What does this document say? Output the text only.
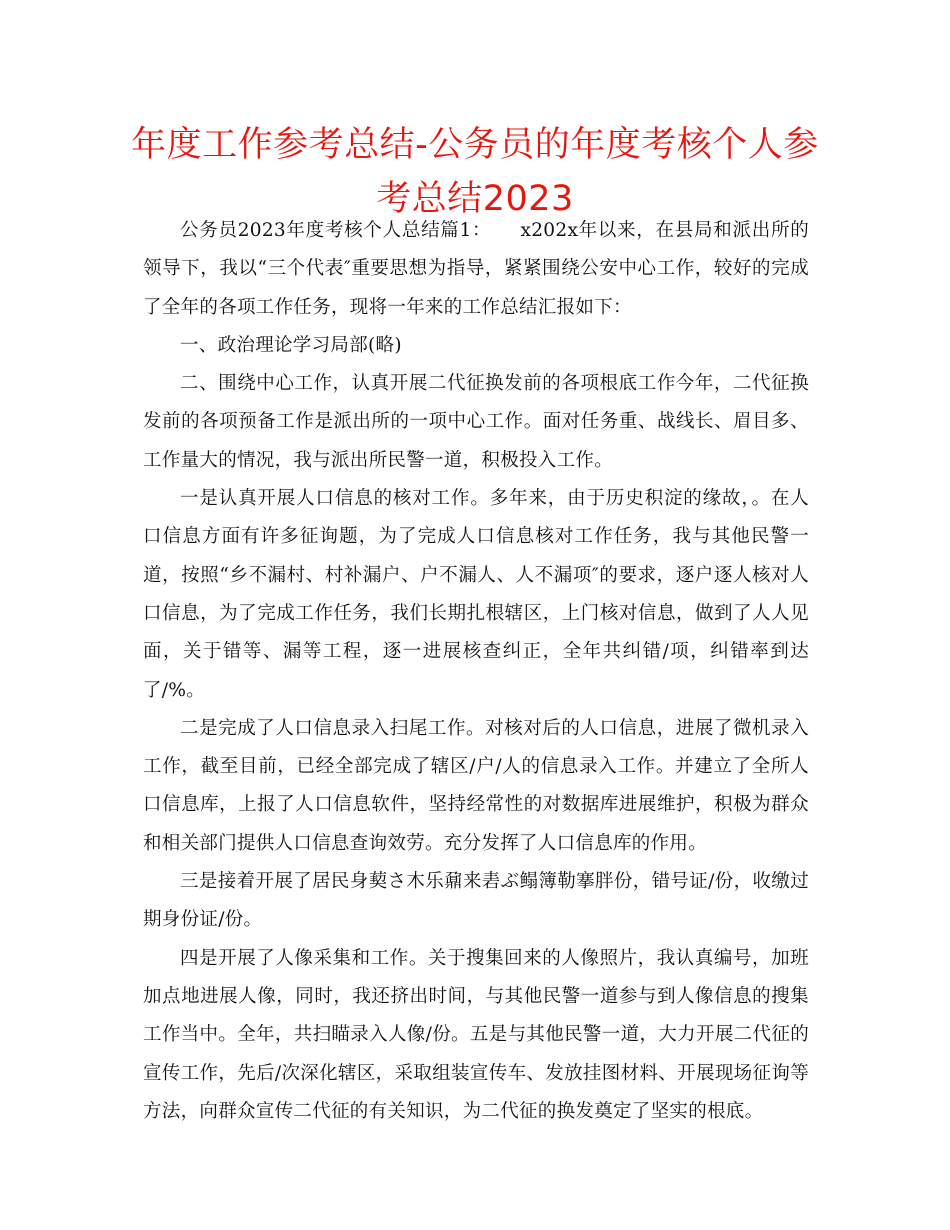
年度工作参考总结-公务员的年度考核个人参考总结2023

公务员2023年度考核个人总结篇1：　　x202x年以来，在县局和派出所的领导下，我以“三个代表″重要思想为指导，紧紧围绕公安中心工作，较好的完成了全年的各项工作任务，现将一年来的工作总结汇报如下：

一、政治理论学习局部(略)

二、围绕中心工作，认真开展二代征换发前的各项根底工作今年，二代征换发前的各项预备工作是派出所的一项中心工作。面对任务重、战线长、眉目多、工作量大的情况，我与派出所民警一道，积极投入工作。

一是认真开展人口信息的核对工作。多年来，由于历史积淀的缘故，。在人口信息方面有许多征询题，为了完成人口信息核对工作任务，我与其他民警一道，按照“乡不漏村、村补漏户、户不漏人、人不漏项″的要求，逐户逐人核对人口信息，为了完成工作任务，我们长期扎根辖区，上门核对信息，做到了人人见面，关于错等、漏等工程，逐一进展核查纠正，全年共纠错/项，纠错率到达了/%。

二是完成了人口信息录入扫尾工作。对核对后的人口信息，进展了微机录入工作，截至目前，已经全部完成了辖区/户/人的信息录入工作。并建立了全所人口信息库，上报了人口信息软件，坚持经常性的对数据库进展维护，积极为群众和相关部门提供人口信息查询效劳。充分发挥了人口信息库的作用。

三是接着开展了居民身葜さ木乐鼐来砉ぶ鳎簿勒搴胖份，错号证/份，收缴过期身份证/份。

四是开展了人像采集和工作。关于搜集回来的人像照片，我认真编号，加班加点地进展人像，同时，我还挤出时间，与其他民警一道参与到人像信息的搜集工作当中。全年，共扫瞄录入人像/份。五是与其他民警一道，大力开展二代征的宣传工作，先后/次深化辖区，采取组装宣传车、发放挂图材料、开展现场征询等方法，向群众宣传二代征的有关知识，为二代征的换发奠定了坚实的根底。
